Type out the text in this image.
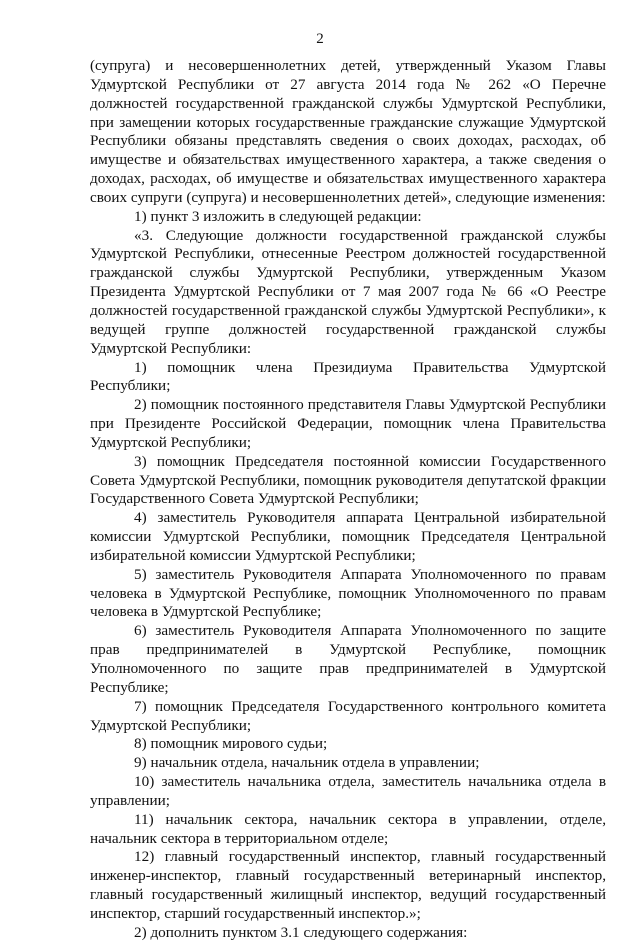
2

(супруга) и несовершеннолетних детей, утвержденный Указом Главы Удмуртской Республики от 27 августа 2014 года № 262 «О Перечне должностей государственной гражданской службы Удмуртской Республики, при замещении которых государственные гражданские служащие Удмуртской Республики обязаны представлять сведения о своих доходах, расходах, об имуществе и обязательствах имущественного характера, а также сведения о доходах, расходах, об имуществе и обязательствах имущественного характера своих супруги (супруга) и несовершеннолетних детей», следующие изменения:

1) пункт 3 изложить в следующей редакции:

«3. Следующие должности государственной гражданской службы Удмуртской Республики, отнесенные Реестром должностей государственной гражданской службы Удмуртской Республики, утвержденным Указом Президента Удмуртской Республики от 7 мая 2007 года № 66 «О Реестре должностей государственной гражданской службы Удмуртской Республики», к ведущей группе должностей государственной гражданской службы Удмуртской Республики:

1) помощник члена Президиума Правительства Удмуртской Республики;

2) помощник постоянного представителя Главы Удмуртской Республики при Президенте Российской Федерации, помощник члена Правительства Удмуртской Республики;

3) помощник Председателя постоянной комиссии Государственного Совета Удмуртской Республики, помощник руководителя депутатской фракции Государственного Совета Удмуртской Республики;

4) заместитель Руководителя аппарата Центральной избирательной комиссии Удмуртской Республики, помощник Председателя Центральной избирательной комиссии Удмуртской Республики;

5) заместитель Руководителя Аппарата Уполномоченного по правам человека в Удмуртской Республике, помощник Уполномоченного по правам человека в Удмуртской Республике;

6) заместитель Руководителя Аппарата Уполномоченного по защите прав предпринимателей в Удмуртской Республике, помощник Уполномоченного по защите прав предпринимателей в Удмуртской Республике;

7) помощник Председателя Государственного контрольного комитета Удмуртской Республики;

8) помощник мирового судьи;

9) начальник отдела, начальник отдела в управлении;

10) заместитель начальника отдела, заместитель начальника отдела в управлении;

11) начальник сектора, начальник сектора в управлении, отделе, начальник сектора в территориальном отделе;

12) главный государственный инспектор, главный государственный инженер-инспектор, главный государственный ветеринарный инспектор, главный государственный жилищный инспектор, ведущий государственный инспектор, старший государственный инспектор.»;

2) дополнить пунктом 3.1 следующего содержания:
